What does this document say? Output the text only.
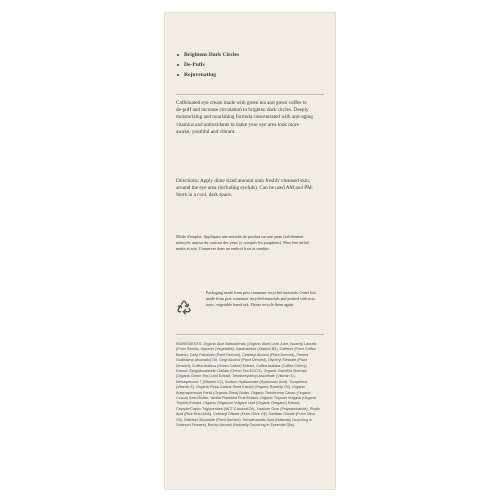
Brightens Dark Circles
De-Puffs
Rejuvenating

Caffeinated eye cream made with green tea and green coffee to de-puff and increase circulation to brighten dark circles. Deeply moisturizing and nourishing formula concentrated with anti-aging vitamins and antioxidants to make your eye area look more awake, youthful and vibrant.

Directions: Apply dime sized amount onto freshly cleansed skin, around the eye area (including eyelids). Can be used AM and PM. Store in a cool, dark space.

Mode d'emploi: Appliquez une noisette de produit sur une peau fraîchement nettoyée, autour du contour des yeux (y compris les paupières). Peut être utilisé matin et soir. Conserver dans un endroit frais et sombre.

Packaging made from post consumer recycled materials. Outer box made from post consumer recycled materials and printed with non toxic, vegetable based ink. Please recycle them again.

INGREDIENTS: Organic Aloe Barbadensis (Organic Aloe) Leaf Juice, Isoamyl Laurate (From Seeds), Glycerin (Vegetable), Niacinamide (Vitamin B3), Caffeine (From Coffee Beans), Cetyl Palmitate (Plant Derived), Cetearyl Alcohol (Plant Derived), Persea Gratissima (Avocado) Oil, Cetyl Alcohol (Plant Derived), Glyceryl Stearate (Plant Derived), Coffea Arabica (Green Coffee) Extract, Coffea Arabica (Coffee Cherry) Extract, Epigallocatechin Gallate (Green Tea EGCG), Organic Camellia Sinensis (Organic Green Tea) Leaf Extract, Tetrahexyldecyl Ascorbate (Vitamin C), Menaquinone-7 (Vitamin K2), Sodium Hyaluronate (Hyaluronic Acid), Tocopherol (Vitamin E), Organic Rosa Canina Seed Extract (Organic Rosehip Oil), Organic Butyrospermum Parkii (Organic Shea) Butter, Organic Theobroma Cacao (Organic Cocoa) Seed Butter, Vanilla Planifolia Fruit Extract, Organic Thymus Vulgaris (Organic Thyme) Extract, Organic Origanum Vulgare Leaf (Organic Oregano) Extract, Caprylic/Capric Triglycerides (MCT Coconut Oil), Xanthan Gum (Polysaccharide), Phytic Acid (Rice Bran AHA), Cetearyl Olivate (From Olive Oil), Sorbitan Olivate (From Olive Oil), Cetearyl Glucoside (Plant Derived), Dehydroacetic Acid (Naturally Occurring in Solanum Flowers), Benzyl Alcohol (Naturally Occurring in Essential Oils)
